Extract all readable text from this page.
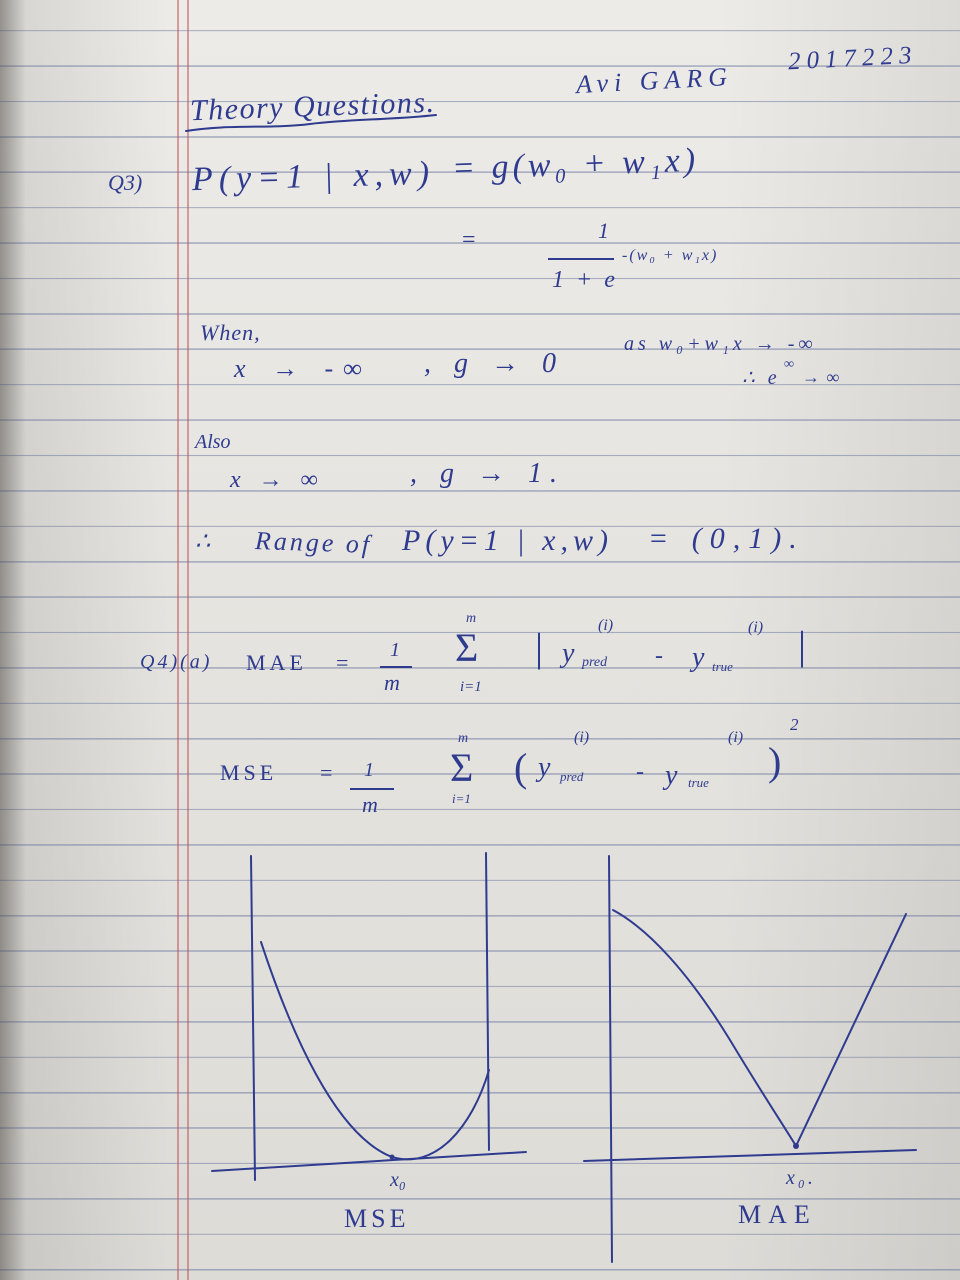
Avi GARG
2017223
Theory Questions.
Q3) P(y=1 | x,w) = g(w₀ + w₁x)
=	1
1 + e
-(w₀ + w₁x)
When,
x → -∞ , g → 0
as w₀+w₁x → -∞
∴ e
∞
→ ∞
Also
x → ∞	, g → 1.
∴ Range of P(y=1 | x,w) = (0,1).
Q4)(a) MAE = 1
m
Σ
m
i=1
| y pred
(i)
- y true
(i) |
MSE = 1
m
Σ
m
i=1
( y pred
(i)
- y true
(i)
)
2
x₀
MSE
x₀.
MAE
